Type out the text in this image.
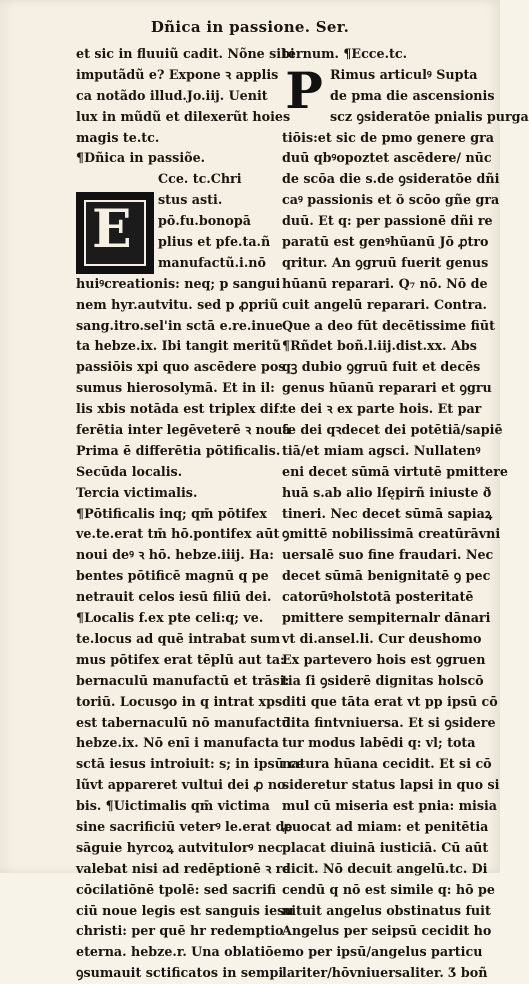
Dñica in passione. Ser.
E
et sic in fluuiũ cadit. Nõne sibi
imputãdũ e? Expone ꝛ applis
ca notãdo illud.Jo.iij. Uenit
lux in mũdũ et dilexerũt hoies
magis te.tc.
¶Dñica in passiõe.
Cce. tc.Chri
stus asti.
pō.fu.bonopā
plius et pfe.ta.ñ
manufactũ.i.nō
huiꝰcreationis: neq; p sangui
nem hyr.autvitu. sed p ꝓpriũ
sang.itro.sel'in sctā e.re.inue
ta hebze.ix. Ibi tangit meritũ
passiōis xpi quo ascēdere pos
sumus hierosolymā. Et in il:
lis xbis notāda est triplex dif:
ferētia inter legēveterē ꝛ nouā
Prima ē differētia pōtificalis.
Secūda localis.
Tercia victimalis.
¶Pōtificalis inq; qm̄ pōtifex
ve.te.erat tm̄ hō.pontifex aūt
noui deꝰ ꝛ hō. hebze.iiij. Ha:
bentes pōtificē magnū q pe
netrauit celos iesū filiū dei.
¶Localis f.ex pte celi:q; ve.
te.locus ad quē intrabat sum
mus pōtifex erat tēplū aut ta:
bernaculū manufactū et trāsi:
toriū. Locusꝯo in q intrat xps
est tabernaculū nō manufactū
hebze.ix. Nō enī i manufacta
sctā iesus introiuit: s; in ipsū ce
lũvt appareret vultui dei ꝓ no
bis. ¶Uictimalis qm̄ victima
sine sacrificiū veterꝰ le.erat de
sāguie hyrcoꝝ autvitulorꝰ nec
valebat nisi ad redēptionē ꝛ re
cōcilatiōnē tpolē: sed sacrifi
ciū noue legis est sanguis iesu
christi: per quē hr redemptio
eterna. hebze.r. Una oblatiōe
ꝯsumauit sctificatos in sempi
P
ternum. ¶Ecce.tc.
Rimus articulꝰ Supta
de pma die ascensionis
scz ꝯsideratōe pnialis purga
tiōis:et sic de pmo genere gra
duū qbꝰopoztet ascēdere/ nūc
de scōa die s.de ꝯsideratōe dñi
caꝰ passionis et ŏ scōo gñe gra
duū. Et q: per passionē dñi re
paratū est genꝰhūanū Jō ꝓtro
qritur. An ꝯgruū fuerit genus
hūanū reparari. Q₇ nō. Nō de
cuit angelū reparari. Contra.
Que a deo fūt decētissime fiūt
¶Rñdet boñ.l.iij.dist.xx. Abs
qꝫ dubio ꝯgruū fuit et decēs
genus hūanū reparari et ꝯgru
te dei ꝛ ex parte hois. Et par
te dei qꝛdecet dei potētiā/sapiē
tiā/et miam agsci. Nullatenꝰ
eni decet sūmā virtutē pmittere
huā s.ab alio lſępirñ iniuste ð
tineri. Nec decet sūmā sapiaꝝ
ꝯmittē nobilissimā creatūrāvni
uersalē suo fine fraudari. Nec
decet sūmā benignitatē ꝯ pec
catorūꝰholstotā posteritatē
pmittere sempiternalr dānari
vt di.ansel.li. Cur deushomo
Ex partevero hois est ꝯgruen
tia ſi ꝯsiderē dignitas holscō
diti que tāta erat vt pp ipsū cō
dita fintvniuersa. Et si ꝯsidere
tur modus labēdi q: vl; tota
natura hūana cecidit. Et si cō
sideretur status lapsi in quo si
mul cū miseria est pnia: misia
ꝓuocat ad miam: et penitētia
placat diuinā iusticiā. Cū aūt
dicit. Nō decuit angelū.tc. Di
cendū q nō est simile q: hō pe
nituit angelus obstinatus fuit
Angelus per seipsū cecidit ho
mo per ipsū/angelus particu
lariter/hōvniuersaliter. Ʒ boñ
